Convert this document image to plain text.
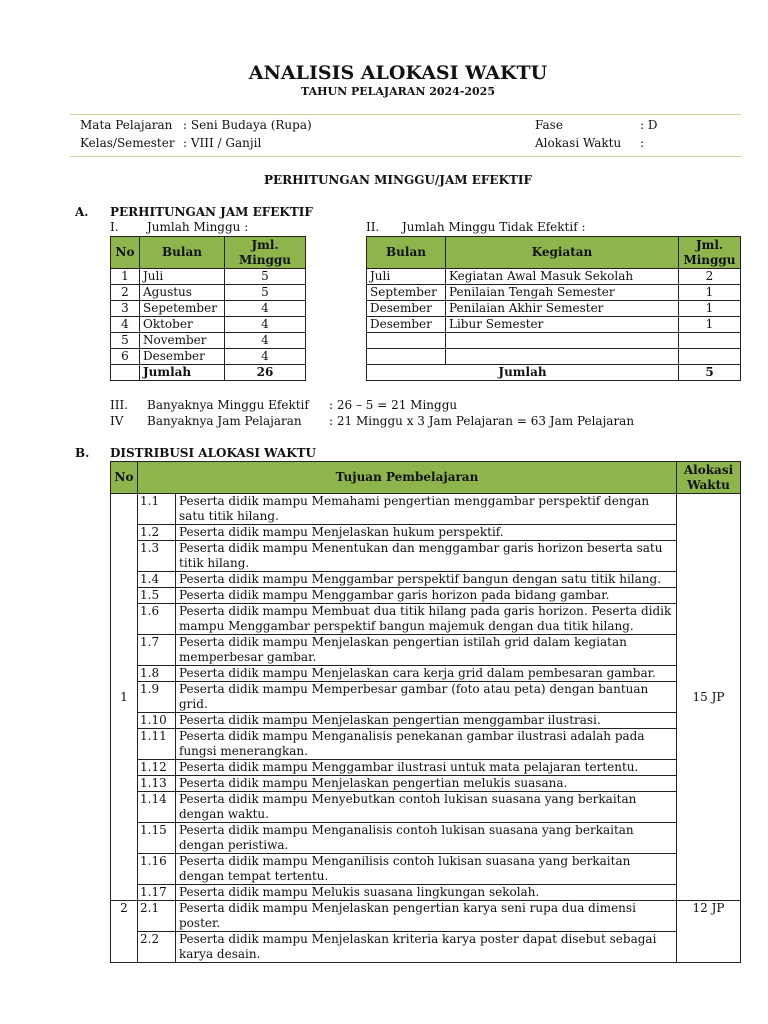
ANALISIS ALOKASI WAKTU
TAHUN PELAJARAN 2024-2025
Mata Pelajaran : Seni Budaya (Rupa)
Kelas/Semester : VIII / Ganjil
Fase	: D
Alokasi Waktu :
PERHITUNGAN MINGGU/JAM EFEKTIF
A. PERHITUNGAN JAM EFEKTIF
I. Jumlah Minggu :	II. Jumlah Minggu Tidak Efektif :
No	Bulan	Jml. Minggu
1	Juli	5
2	Agustus	5
3	Sepetember	4
4	Oktober	4
5	November	4
6	Desember	4
	Jumlah	26
Bulan	Kegiatan	Jml. Minggu
Juli	Kegiatan Awal Masuk Sekolah	2
September	Penilaian Tengah Semester	1
Desember	Penilaian Akhir Semester	1
Desember	Libur Semester	1

Jumlah		5
III. Banyaknya Minggu Efektif : 26 – 5 = 21 Minggu
IV Banyaknya Jam Pelajaran : 21 Minggu x 3 Jam Pelajaran = 63 Jam Pelajaran
B. DISTRIBUSI ALOKASI WAKTU
No	Tujuan Pembelajaran		Alokasi Waktu
1	1.1	Peserta didik mampu Memahami pengertian menggambar perspektif dengan satu titik hilang.	15 JP
	1.2	Peserta didik mampu Menjelaskan hukum perspektif.	
	1.3	Peserta didik mampu Menentukan dan menggambar garis horizon beserta satu titik hilang.	
	1.4	Peserta didik mampu Menggambar perspektif bangun dengan satu titik hilang.	
	1.5	Peserta didik mampu Menggambar garis horizon pada bidang gambar.	
	1.6	Peserta didik mampu Membuat dua titik hilang pada garis horizon. Peserta didik mampu Menggambar perspektif bangun majemuk dengan dua titik hilang.	
	1.7	Peserta didik mampu Menjelaskan pengertian istilah grid dalam kegiatan memperbesar gambar.	
	1.8	Peserta didik mampu Menjelaskan cara kerja grid dalam pembesaran gambar.	
	1.9	Peserta didik mampu Memperbesar gambar (foto atau peta) dengan bantuan grid.	
	1.10	Peserta didik mampu Menjelaskan pengertian menggambar ilustrasi.	
	1.11	Peserta didik mampu Menganalisis penekanan gambar ilustrasi adalah pada fungsi menerangkan.	
	1.12	Peserta didik mampu Menggambar ilustrasi untuk mata pelajaran tertentu.	
	1.13	Peserta didik mampu Menjelaskan pengertian melukis suasana.	
	1.14	Peserta didik mampu Menyebutkan contoh lukisan suasana yang berkaitan dengan waktu.	
	1.15	Peserta didik mampu Menganalisis contoh lukisan suasana yang berkaitan dengan peristiwa.	
	1.16	Peserta didik mampu Menganilisis contoh lukisan suasana yang berkaitan dengan tempat tertentu.	
	1.17	Peserta didik mampu Melukis suasana lingkungan sekolah.	
2	2.1	Peserta didik mampu Menjelaskan pengertian karya seni rupa dua dimensi poster.	12 JP
	2.2	Peserta didik mampu Menjelaskan kriteria karya poster dapat disebut sebagai karya desain.	
